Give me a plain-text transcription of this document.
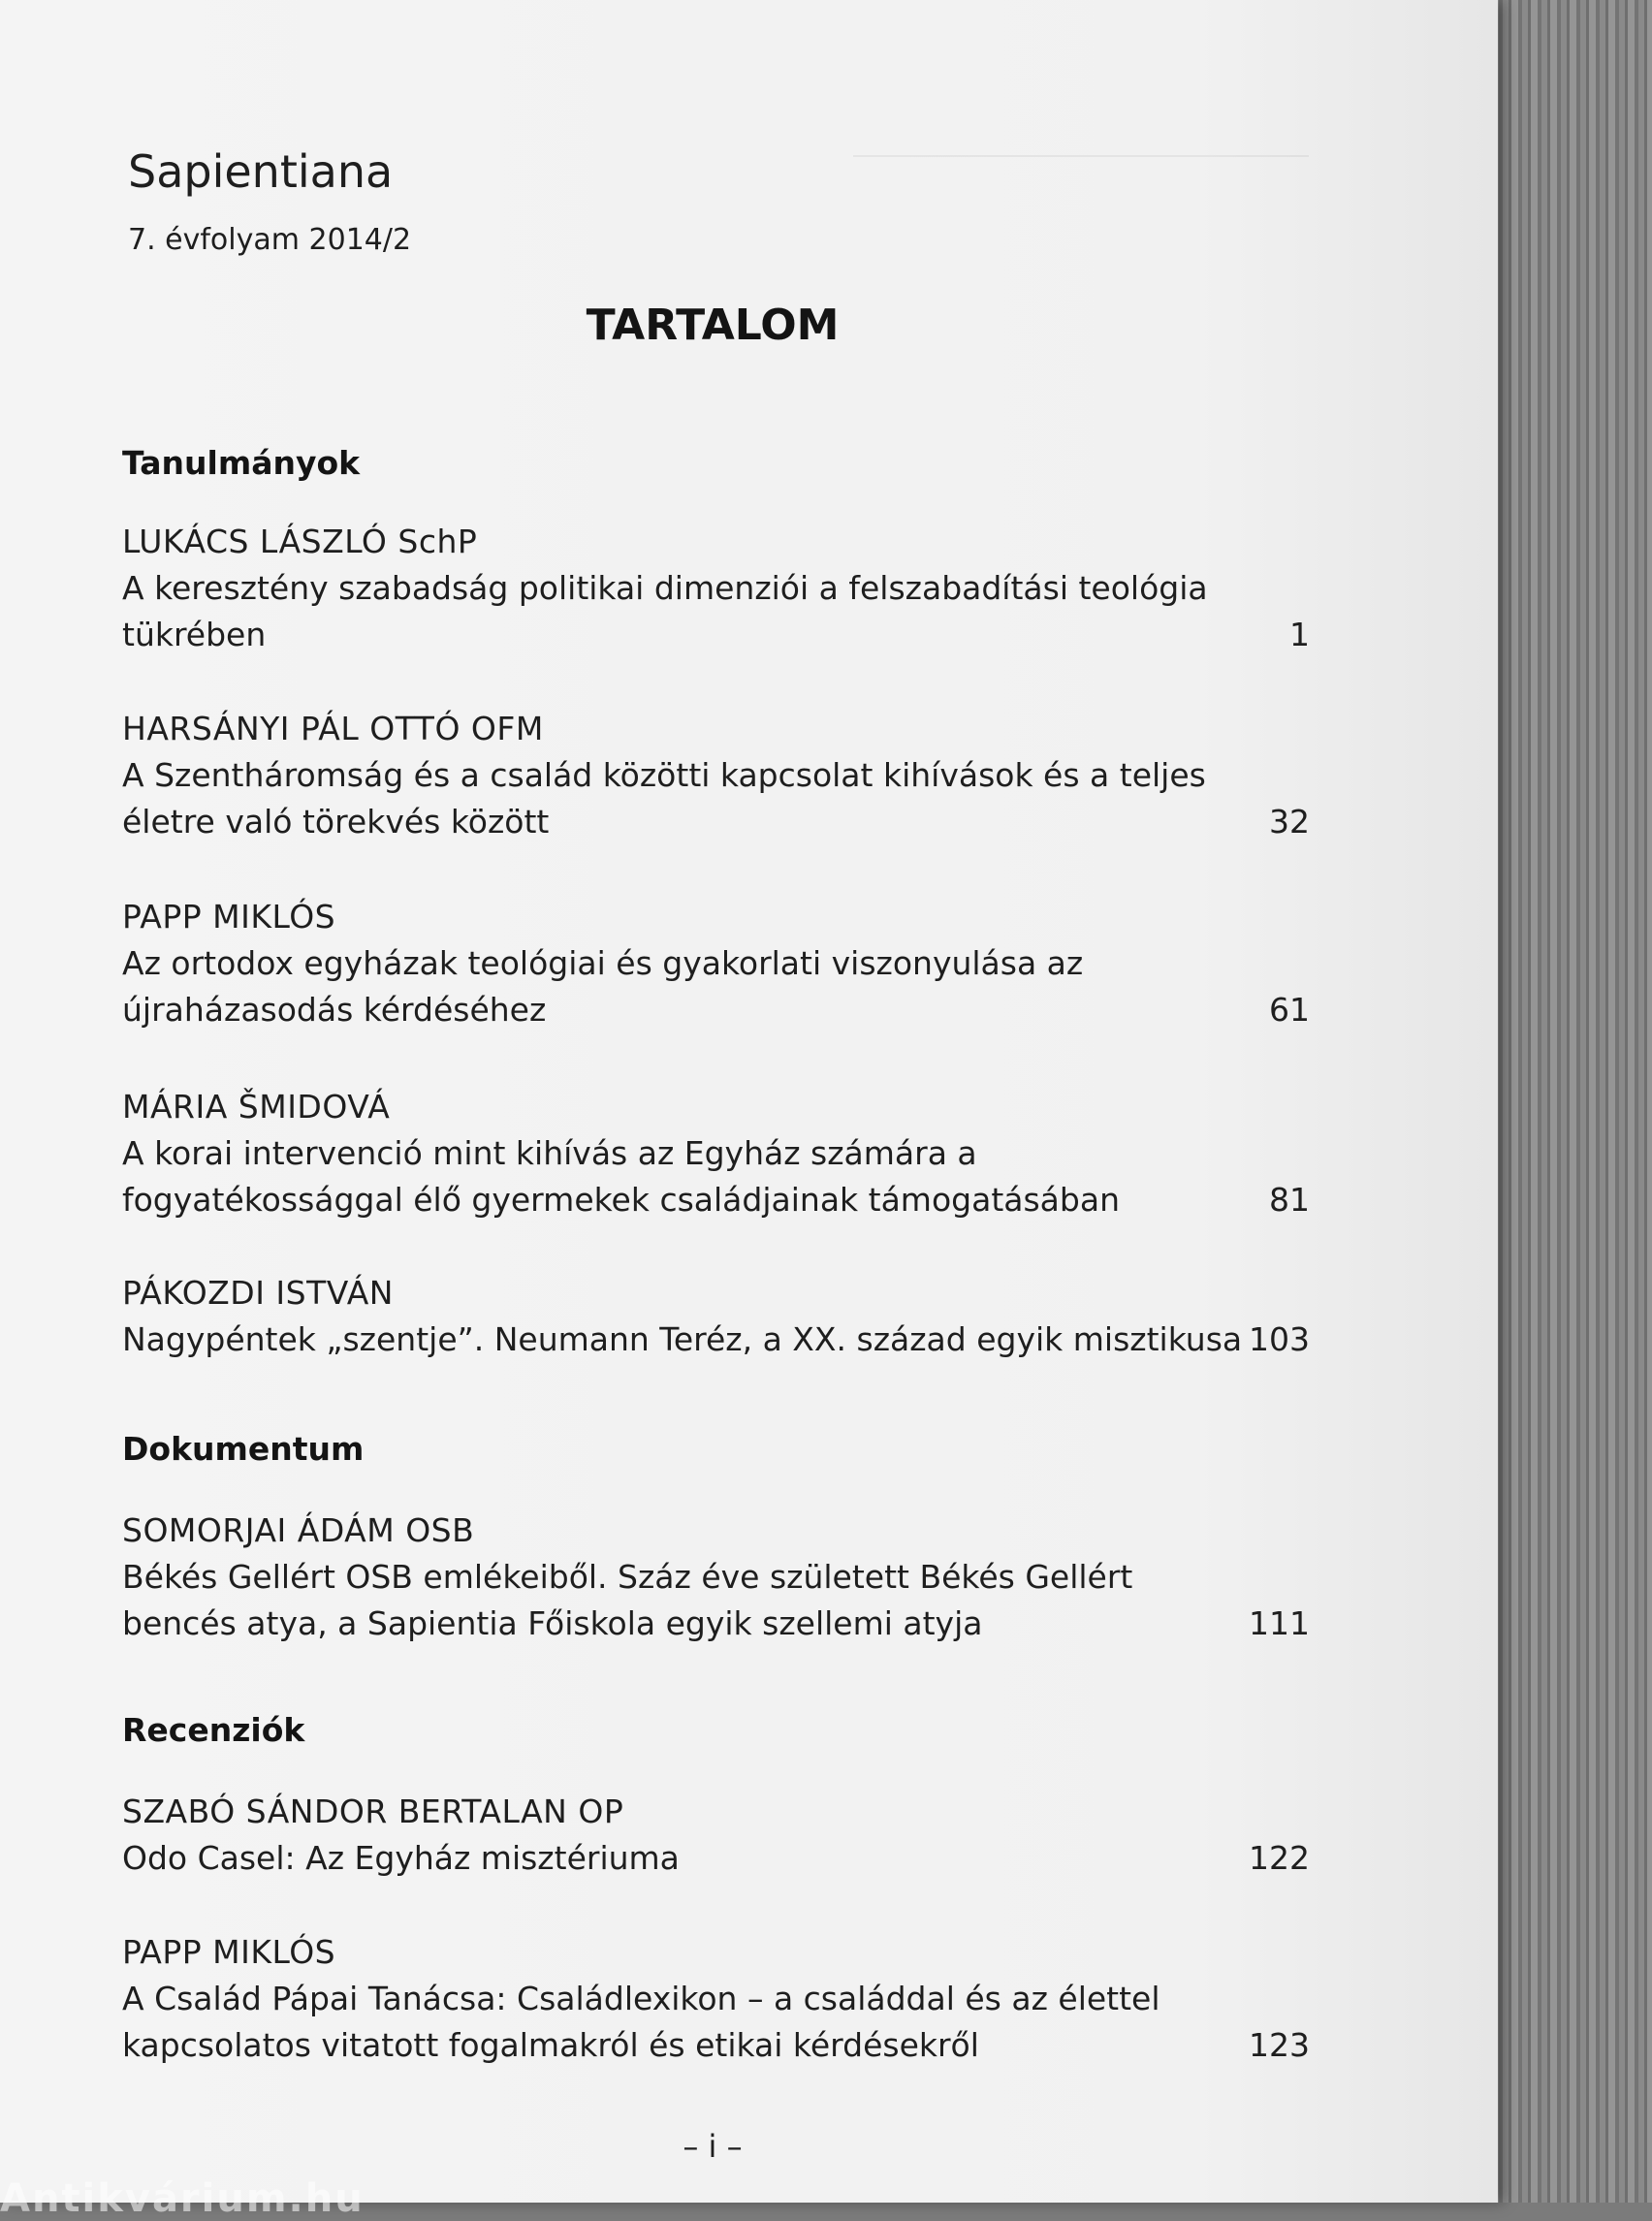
Sapientiana
7. évfolyam 2014/2
TARTALOM
Tanulmányok
LUKÁCS LÁSZLÓ SchP
A keresztény szabadság politikai dimenziói a felszabadítási teológia
tükrében	1
HARSÁNYI PÁL OTTÓ OFM
A Szentháromság és a család közötti kapcsolat kihívások és a teljes
életre való törekvés között	32
PAPP MIKLÓS
Az ortodox egyházak teológiai és gyakorlati viszonyulása az
újraházasodás kérdéséhez	61
MÁRIA ŠMIDOVÁ
A korai intervenció mint kihívás az Egyház számára a
fogyatékossággal élő gyermekek családjainak támogatásában	81
PÁKOZDI ISTVÁN
Nagypéntek „szentje”. Neumann Teréz, a XX. század egyik misztikusa 103
Dokumentum
SOMORJAI ÁDÁM OSB
Békés Gellért OSB emlékeiből. Száz éve született Békés Gellért
bencés atya, a Sapientia Főiskola egyik szellemi atyja	111
Recenziók
SZABÓ SÁNDOR BERTALAN OP
Odo Casel: Az Egyház misztériuma	122
PAPP MIKLÓS
A Család Pápai Tanácsa: Családlexikon – a családdal és az élettel
kapcsolatos vitatott fogalmakról és etikai kérdésekről	123
– i –
Antikvárium.hu
